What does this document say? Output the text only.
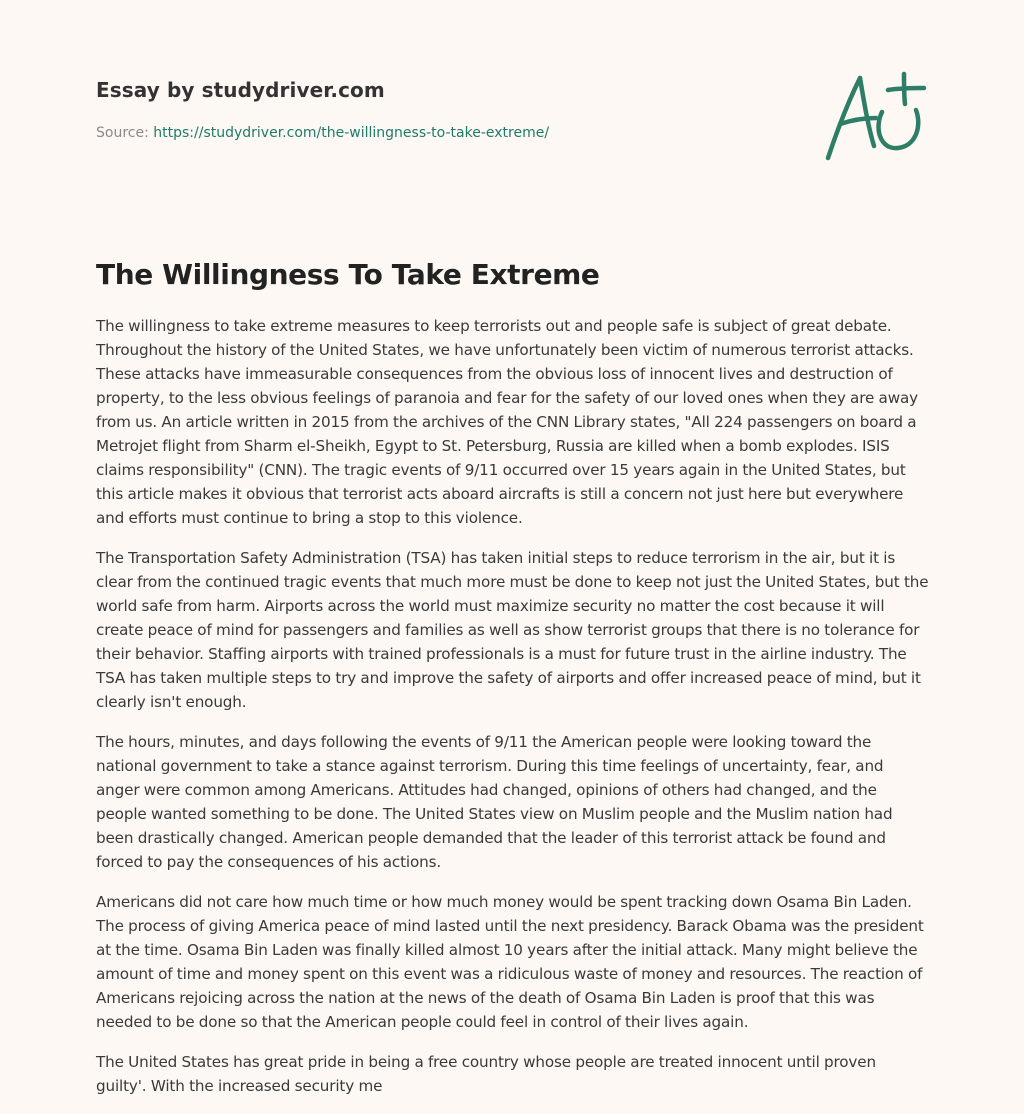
Essay by studydriver.com
Source: https://studydriver.com/the-willingness-to-take-extreme/
The Willingness To Take Extreme

The willingness to take extreme measures to keep terrorists out and people safe is subject of great debate. Throughout the history of the United States, we have unfortunately been victim of numerous terrorist attacks. These attacks have immeasurable consequences from the obvious loss of innocent lives and destruction of property, to the less obvious feelings of paranoia and fear for the safety of our loved ones when they are away from us. An article written in 2015 from the archives of the CNN Library states, "All 224 passengers on board a Metrojet flight from Sharm el-Sheikh, Egypt to St. Petersburg, Russia are killed when a bomb explodes. ISIS claims responsibility" (CNN). The tragic events of 9/11 occurred over 15 years again in the United States, but this article makes it obvious that terrorist acts aboard aircrafts is still a concern not just here but everywhere and efforts must continue to bring a stop to this violence.

The Transportation Safety Administration (TSA) has taken initial steps to reduce terrorism in the air, but it is clear from the continued tragic events that much more must be done to keep not just the United States, but the world safe from harm. Airports across the world must maximize security no matter the cost because it will create peace of mind for passengers and families as well as show terrorist groups that there is no tolerance for their behavior. Staffing airports with trained professionals is a must for future trust in the airline industry. The TSA has taken multiple steps to try and improve the safety of airports and offer increased peace of mind, but it clearly isn't enough.

The hours, minutes, and days following the events of 9/11 the American people were looking toward the national government to take a stance against terrorism. During this time feelings of uncertainty, fear, and anger were common among Americans. Attitudes had changed, opinions of others had changed, and the people wanted something to be done. The United States view on Muslim people and the Muslim nation had been drastically changed. American people demanded that the leader of this terrorist attack be found and forced to pay the consequences of his actions.

Americans did not care how much time or how much money would be spent tracking down Osama Bin Laden. The process of giving America peace of mind lasted until the next presidency. Barack Obama was the president at the time. Osama Bin Laden was finally killed almost 10 years after the initial attack. Many might believe the amount of time and money spent on this event was a ridiculous waste of money and resources. The reaction of Americans rejoicing across the nation at the news of the death of Osama Bin Laden is proof that this was needed to be done so that the American people could feel in control of their lives again.

The United States has great pride in being a free country whose people are treated innocent until proven guilty'. With the increased security me
